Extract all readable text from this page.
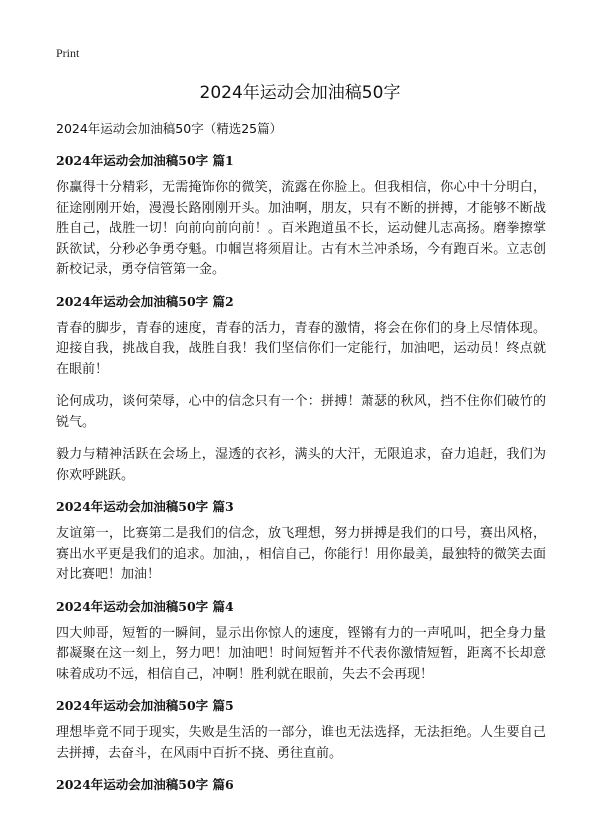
Print
2024年运动会加油稿50字
2024年运动会加油稿50字（精选25篇）
2024年运动会加油稿50字 篇1

你赢得十分精彩，无需掩饰你的微笑，流露在你脸上。但我相信，你心中十分明白，征途刚刚开始，漫漫长路刚刚开头。加油啊，朋友，只有不断的拼搏，才能够不断战胜自己，战胜一切！向前向前向前！。百米跑道虽不长，运动健儿志高扬。磨拳擦掌跃欲试，分秒必争勇夺魁。巾帼岂将须眉让。古有木兰冲杀场，今有跑百米。立志创新校记录，勇夺信管第一金。

2024年运动会加油稿50字 篇2

青春的脚步，青春的速度，青春的活力，青春的激情，将会在你们的身上尽情体现。迎接自我，挑战自我，战胜自我！我们坚信你们一定能行，加油吧，运动员！终点就在眼前！

论何成功，谈何荣辱，心中的信念只有一个：拼搏！萧瑟的秋风，挡不住你们破竹的锐气。

毅力与精神活跃在会场上，湿透的衣衫，满头的大汗，无限追求，奋力追赶，我们为你欢呼跳跃。

2024年运动会加油稿50字 篇3

友谊第一，比赛第二是我们的信念，放飞理想，努力拼搏是我们的口号，赛出风格，赛出水平更是我们的追求。加油，，相信自己，你能行！用你最美，最独特的微笑去面对比赛吧！加油！

2024年运动会加油稿50字 篇4

四大帅哥，短暂的一瞬间，显示出你惊人的速度，铿锵有力的一声吼叫，把全身力量都凝聚在这一刻上，努力吧！加油吧！时间短暂并不代表你激情短暂，距离不长却意味着成功不远，相信自己，冲啊！胜利就在眼前，失去不会再现！

2024年运动会加油稿50字 篇5

理想毕竟不同于现实，失败是生活的一部分，谁也无法选择，无法拒绝。人生要自己去拼搏，去奋斗，在风雨中百折不挠、勇往直前。

2024年运动会加油稿50字 篇6
